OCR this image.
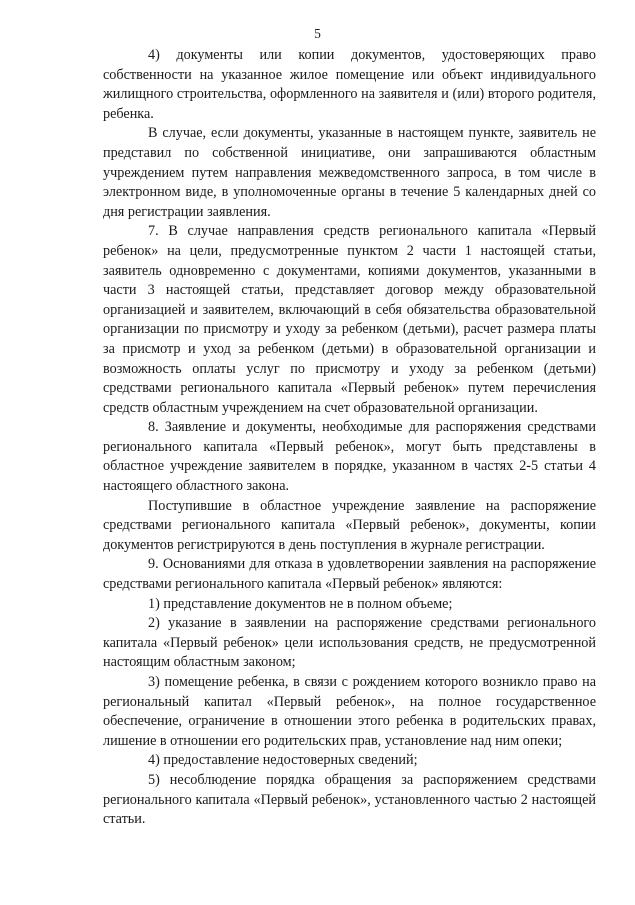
5

4) документы или копии документов, удостоверяющих право собственности на указанное жилое помещение или объект индивидуального жилищного строительства, оформленного на заявителя и (или) второго родителя, ребенка.

В случае, если документы, указанные в настоящем пункте, заявитель не представил по собственной инициативе, они запрашиваются областным учреждением путем направления межведомственного запроса, в том числе в электронном виде, в уполномоченные органы в течение 5 календарных дней со дня регистрации заявления.

7. В случае направления средств регионального капитала «Первый ребенок» на цели, предусмотренные пунктом 2 части 1 настоящей статьи, заявитель одновременно с документами, копиями документов, указанными в части 3 настоящей статьи, представляет договор между образовательной организацией и заявителем, включающий в себя обязательства образовательной организации по присмотру и уходу за ребенком (детьми), расчет размера платы за присмотр и уход за ребенком (детьми) в образовательной организации и возможность оплаты услуг по присмотру и уходу за ребенком (детьми) средствами регионального капитала «Первый ребенок» путем перечисления средств областным учреждением на счет образовательной организации.

8. Заявление и документы, необходимые для распоряжения средствами регионального капитала «Первый ребенок», могут быть представлены в областное учреждение заявителем в порядке, указанном в частях 2-5 статьи 4 настоящего областного закона.

Поступившие в областное учреждение заявление на распоряжение средствами регионального капитала «Первый ребенок», документы, копии документов регистрируются в день поступления в журнале регистрации.

9. Основаниями для отказа в удовлетворении заявления на распоряжение средствами регионального капитала «Первый ребенок» являются:

1) представление документов не в полном объеме;

2) указание в заявлении на распоряжение средствами регионального капитала «Первый ребенок» цели использования средств, не предусмотренной настоящим областным законом;

3) помещение ребенка, в связи с рождением которого возникло право на региональный капитал «Первый ребенок», на полное государственное обеспечение, ограничение в отношении этого ребенка в родительских правах, лишение в отношении его родительских прав, установление над ним опеки;

4) предоставление недостоверных сведений;

5) несоблюдение порядка обращения за распоряжением средствами регионального капитала «Первый ребенок», установленного частью 2 настоящей статьи.
